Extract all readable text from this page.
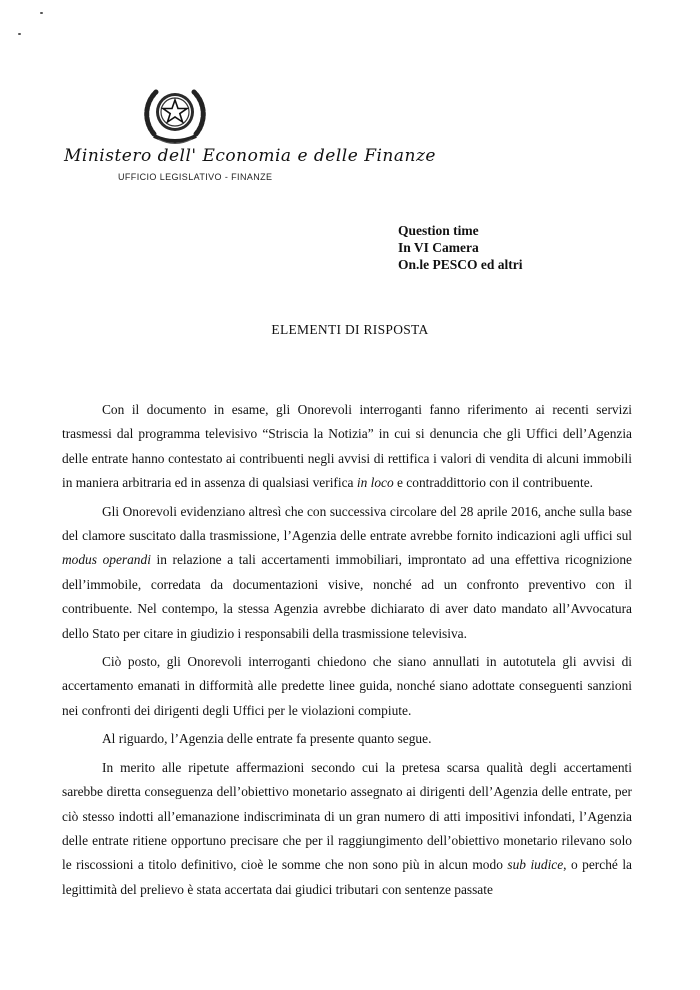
Ministero dell' Economia e delle Finanze
UFFICIO LEGISLATIVO - FINANZE
Question time
In VI Camera
On.le PESCO ed altri
ELEMENTI DI RISPOSTA

Con il documento in esame, gli Onorevoli interroganti fanno riferimento ai recenti servizi trasmessi dal programma televisivo “Striscia la Notizia” in cui si denuncia che gli Uffici dell’Agenzia delle entrate hanno contestato ai contribuenti negli avvisi di rettifica i valori di vendita di alcuni immobili in maniera arbitraria ed in assenza di qualsiasi verifica in loco e contraddittorio con il contribuente.

Gli Onorevoli evidenziano altresì che con successiva circolare del 28 aprile 2016, anche sulla base del clamore suscitato dalla trasmissione, l’Agenzia delle entrate avrebbe fornito indicazioni agli uffici sul modus operandi in relazione a tali accertamenti immobiliari, improntato ad una effettiva ricognizione dell’immobile, corredata da documentazioni visive, nonché ad un confronto preventivo con il contribuente. Nel contempo, la stessa Agenzia avrebbe dichiarato di aver dato mandato all’Avvocatura dello Stato per citare in giudizio i responsabili della trasmissione televisiva.

Ciò posto, gli Onorevoli interroganti chiedono che siano annullati in autotutela gli avvisi di accertamento emanati in difformità alle predette linee guida, nonché siano adottate conseguenti sanzioni nei confronti dei dirigenti degli Uffici per le violazioni compiute.

Al riguardo, l’Agenzia delle entrate fa presente quanto segue.

In merito alle ripetute affermazioni secondo cui la pretesa scarsa qualità degli accertamenti sarebbe diretta conseguenza dell’obiettivo monetario assegnato ai dirigenti dell’Agenzia delle entrate, per ciò stesso indotti all’emanazione indiscriminata di un gran numero di atti impositivi infondati, l’Agenzia delle entrate ritiene opportuno precisare che per il raggiungimento dell’obiettivo monetario rilevano solo le riscossioni a titolo definitivo, cioè le somme che non sono più in alcun modo sub iudice, o perché la legittimità del prelievo è stata accertata dai giudici tributari con sentenze passate
